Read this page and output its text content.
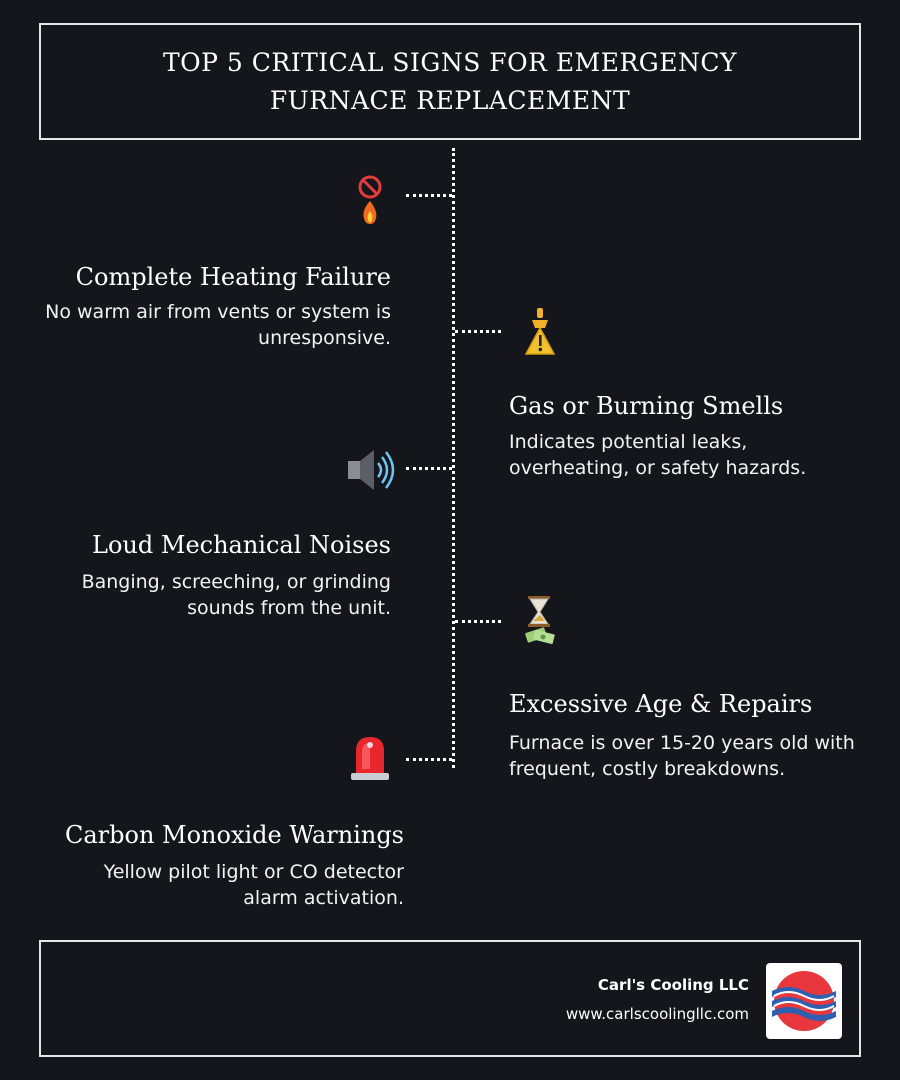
TOP 5 CRITICAL SIGNS FOR EMERGENCY FURNACE REPLACEMENT
Complete Heating Failure
No warm air from vents or system is unresponsive.
Gas or Burning Smells
Indicates potential leaks, overheating, or safety hazards.
Loud Mechanical Noises
Banging, screeching, or grinding sounds from the unit.
Excessive Age & Repairs
Furnace is over 15-20 years old with frequent, costly breakdowns.
Carbon Monoxide Warnings
Yellow pilot light or CO detector alarm activation.
Carl's Cooling LLC
www.carlscoolingllc.com
